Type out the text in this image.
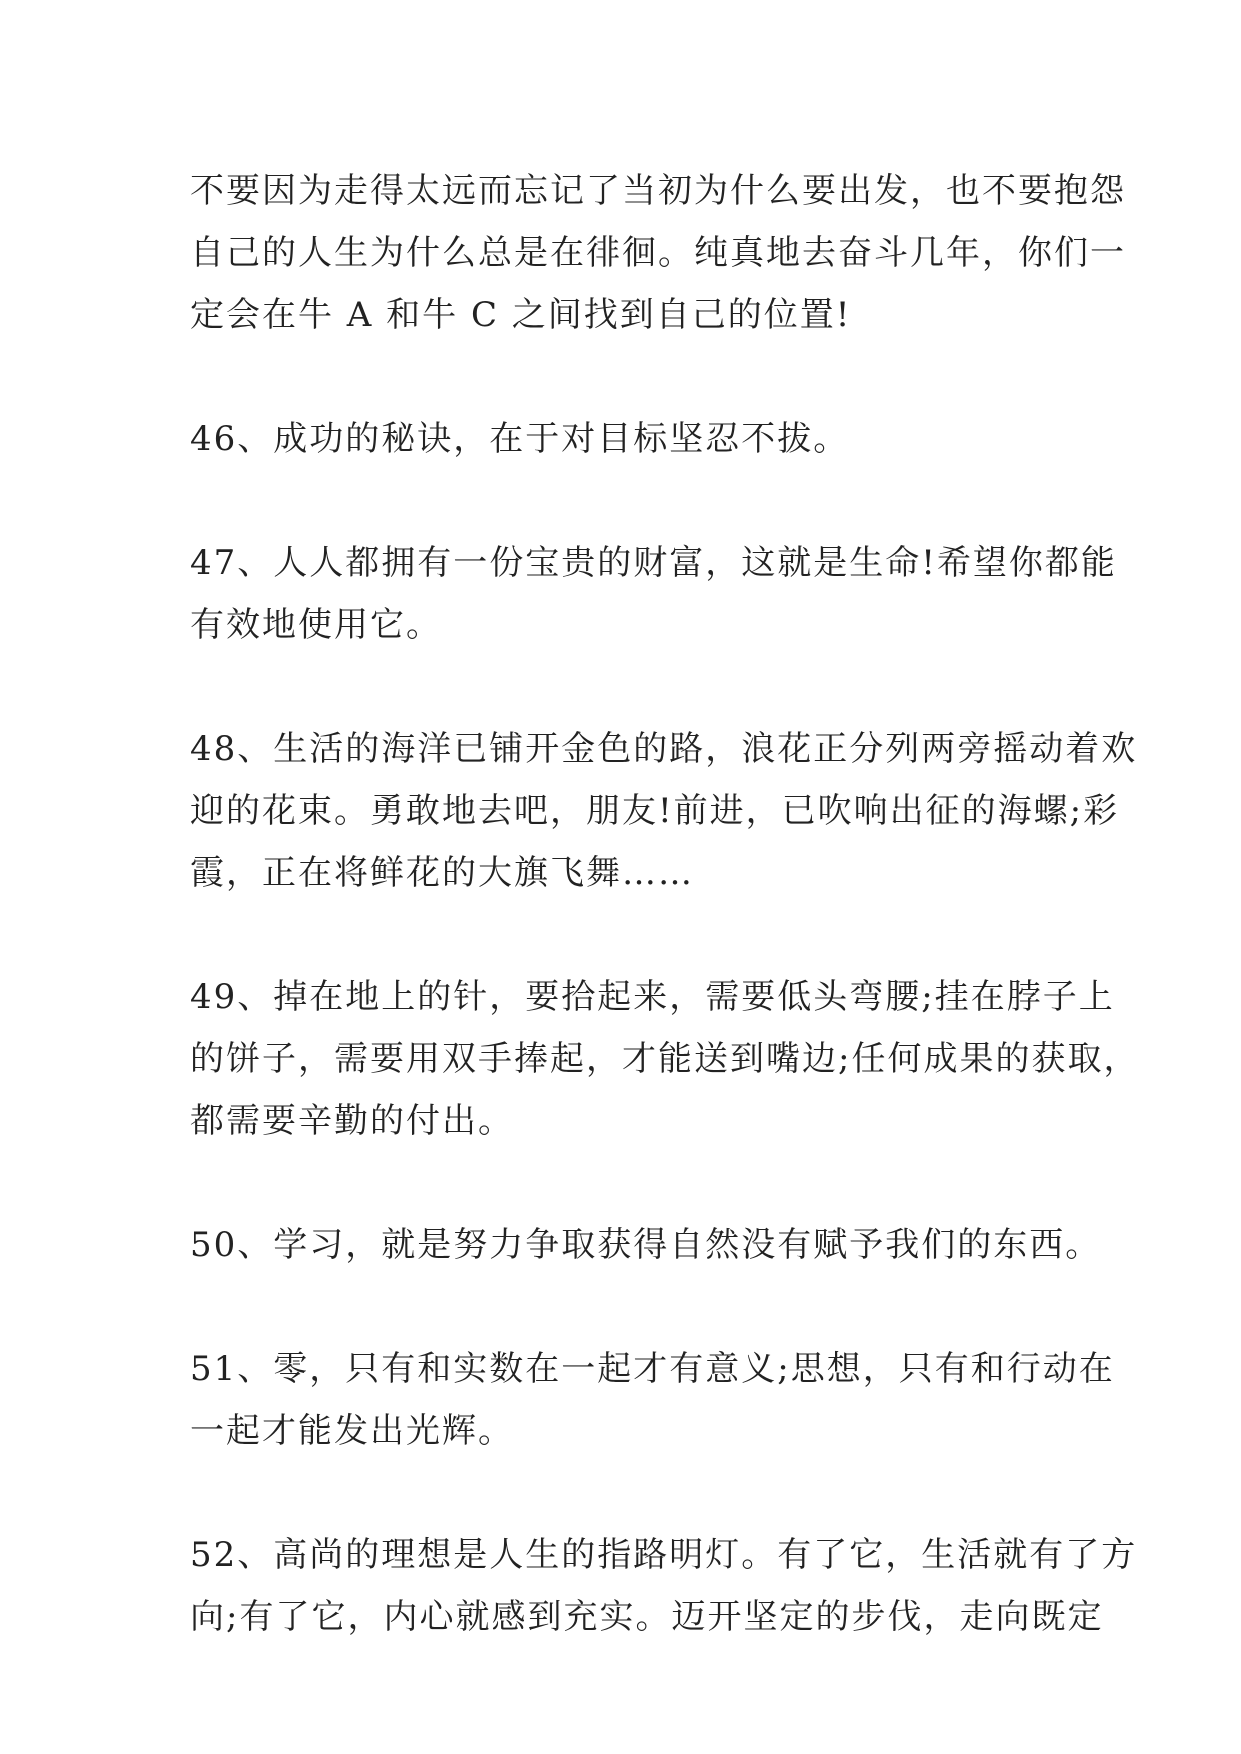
不要因为走得太远而忘记了当初为什么要出发，也不要抱怨
自己的人生为什么总是在徘徊。纯真地去奋斗几年，你们一
定会在牛 A 和牛 C 之间找到自己的位置!
46、成功的秘诀，在于对目标坚忍不拔。
47、人人都拥有一份宝贵的财富，这就是生命!希望你都能
有效地使用它。
48、生活的海洋已铺开金色的路，浪花正分列两旁摇动着欢
迎的花束。勇敢地去吧，朋友!前进，已吹响出征的海螺;彩
霞，正在将鲜花的大旗飞舞……
49、掉在地上的针，要拾起来，需要低头弯腰;挂在脖子上
的饼子，需要用双手捧起，才能送到嘴边;任何成果的获取，
都需要辛勤的付出。
50、学习，就是努力争取获得自然没有赋予我们的东西。
51、零，只有和实数在一起才有意义;思想，只有和行动在
一起才能发出光辉。
52、高尚的理想是人生的指路明灯。有了它，生活就有了方
向;有了它，内心就感到充实。迈开坚定的步伐，走向既定
